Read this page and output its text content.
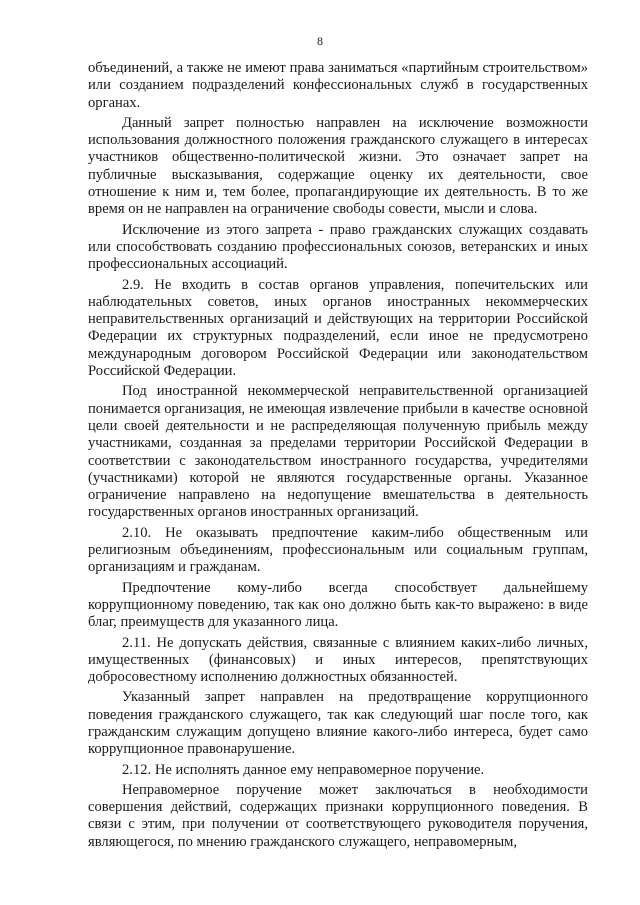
8

объединений, а также не имеют права заниматься «партийным строительством» или созданием подразделений конфессиональных служб в государственных органах.

Данный запрет полностью направлен на исключение возможности использования должностного положения гражданского служащего в интересах участников общественно-политической жизни. Это означает запрет на публичные высказывания, содержащие оценку их деятельности, свое отношение к ним и, тем более, пропагандирующие их деятельность. В то же время он не направлен на ограничение свободы совести, мысли и слова.

Исключение из этого запрета - право гражданских служащих создавать или способствовать созданию профессиональных союзов, ветеранских и иных профессиональных ассоциаций.

2.9. Не входить в состав органов управления, попечительских или наблюдательных советов, иных органов иностранных некоммерческих неправительственных организаций и действующих на территории Российской Федерации их структурных подразделений, если иное не предусмотрено международным договором Российской Федерации или законодательством Российской Федерации.

Под иностранной некоммерческой неправительственной организацией понимается организация, не имеющая извлечение прибыли в качестве основной цели своей деятельности и не распределяющая полученную прибыль между участниками, созданная за пределами территории Российской Федерации в соответствии с законодательством иностранного государства, учредителями (участниками) которой не являются государственные органы. Указанное ограничение направлено на недопущение вмешательства в деятельность государственных органов иностранных организаций.

2.10. Не оказывать предпочтение каким-либо общественным или религиозным объединениям, профессиональным или социальным группам, организациям и гражданам.

Предпочтение кому-либо всегда способствует дальнейшему коррупционному поведению, так как оно должно быть как-то выражено: в виде благ, преимуществ для указанного лица.

2.11. Не допускать действия, связанные с влиянием каких-либо личных, имущественных (финансовых) и иных интересов, препятствующих добросовестному исполнению должностных обязанностей.

Указанный запрет направлен на предотвращение коррупционного поведения гражданского служащего, так как следующий шаг после того, как гражданским служащим допущено влияние какого-либо интереса, будет само коррупционное правонарушение.

2.12. Не исполнять данное ему неправомерное поручение.

Неправомерное поручение может заключаться в необходимости совершения действий, содержащих признаки коррупционного поведения. В связи с этим, при получении от соответствующего руководителя поручения, являющегося, по мнению гражданского служащего, неправомерным,
